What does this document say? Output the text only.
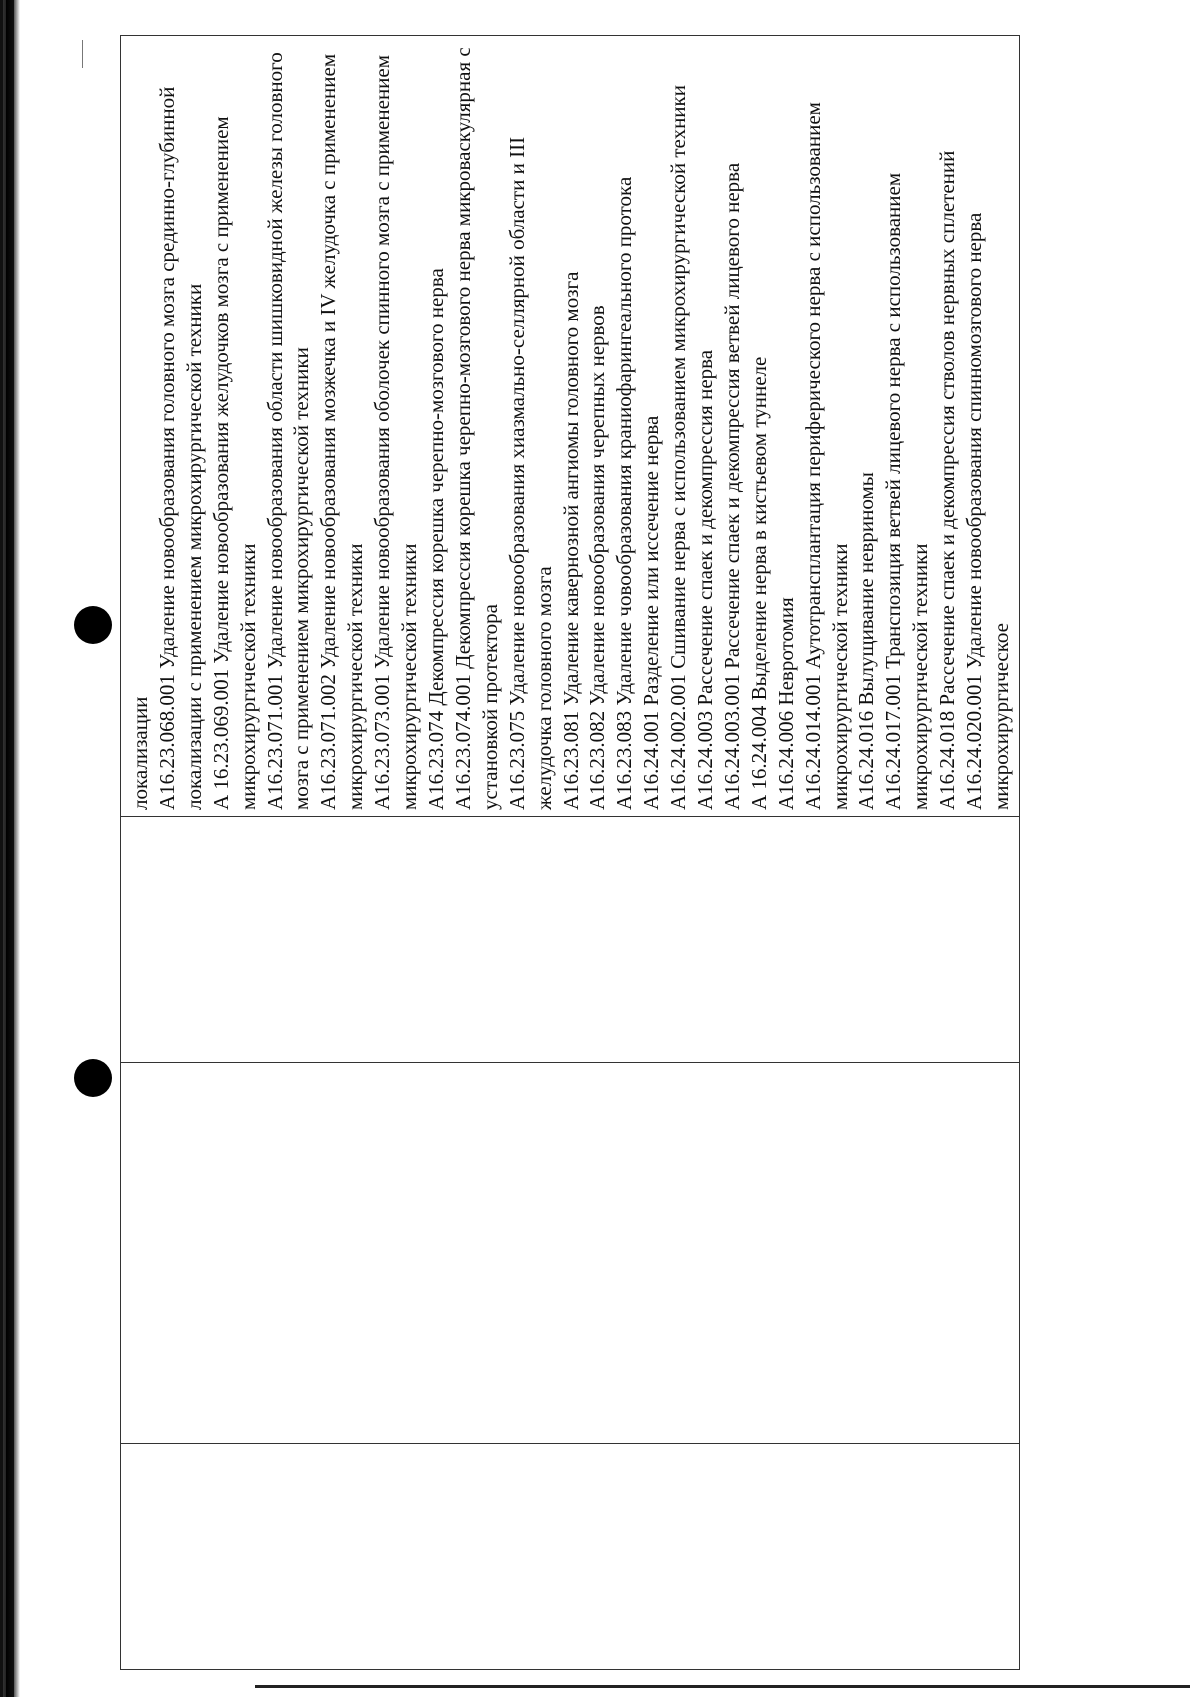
локализации А16.23.068.001 Удаление новообразования головного мозга срединно-глубинной локализации с применением микрохирургической техники А 16.23.069.001 Удаление новообразования желудочков мозга с применением микрохирургической техники А16.23.071.001 Удаление новообразования области шишковидной железы головного мозга с применением микрохирургической техники А16.23.071.002 Удаление новообразования мозжечка и IV желудочка с применением микрохирургической техники А16.23.073.001 Удаление новообразования оболочек спинного мозга с применением микрохирургической техники А16.23.074 Декомпрессия корешка черепно-мозгового нерва А16.23.074.001 Декомпрессия корешка черепно-мозгового нерва микроваскулярная с установкой протектора А16.23.075 Удаление новообразования хиазмально-селлярной области и III желудочка головного мозга А16.23.081 Удаление кавернозной ангиомы головного мозга А16.23.082 Удаление новообразования черепных нервов А16.23.083 Удаление човообразования краниофарингеального протока А16.24.001 Разделение или иссечение нерва А16.24.002.001 Сшивание нерва с использованием микрохирургической техники А16.24.003 Рассечение спаек и декомпрессия нерва А16.24.003.001 Рассечение спаек и декомпрессия ветвей лицевого нерва А 16.24.004 Выделение нерва в кистьевом туннеле А16.24.006 Невротомия А16.24.014.001 Аутотрансплантация периферического нерва с использованием микрохирургической техники А16.24.016 Вылущивание невриномы А16.24.017.001 Транспозиция ветвей лицевого нерва с использованием микрохирургической техники А16.24.018 Рассечение спаек и декомпрессия стволов нервных сплетений А16.24.020.001 Удаление новообразования спинномозгового нерва микрохирургическое
